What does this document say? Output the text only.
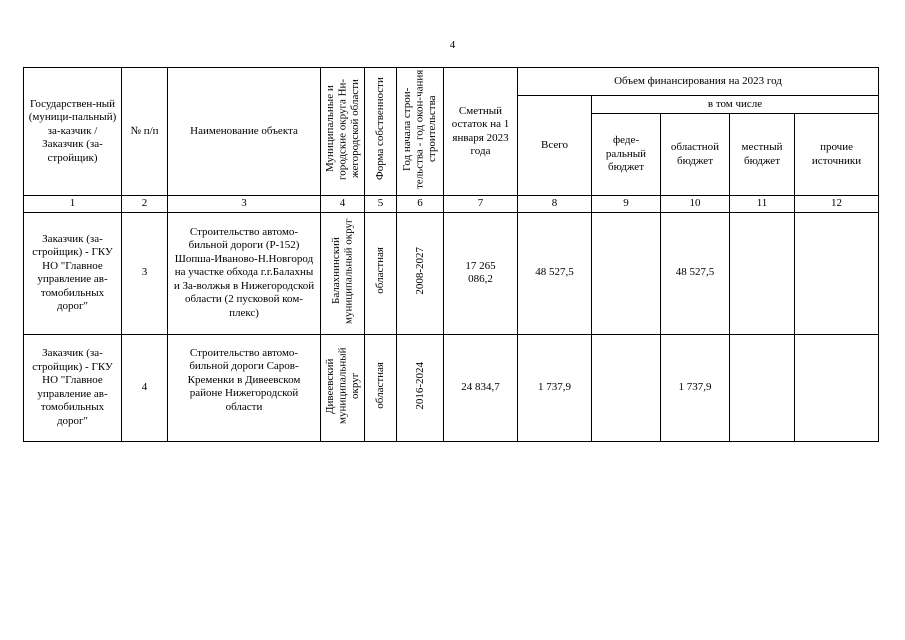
4
Государствен-ный (муници-пальный) за-казчик / Заказчик (за-стройщик)	№ п/п	Наименование объекта	Муниципальные и городские округа Ни-жегородской области	Форма собственности	Год начала строи-тельства - год окон-чания строительства	Сметный остаток на 1 января 2023 года	Объем финансирования на 2023 год				
							Всего	в том числе			
								феде-ральный бюджет	областной бюджет	местный бюджет	прочие источники
1	2	3	4	5	6	7	8	9	10	11	12
Заказчик (за-стройщик) - ГКУ НО "Главное управление ав-томобильных дорог"	3	Строительство автомо-бильной дороги (Р-152) Шопша-Иваново-Н.Новгород на участке обхода г.г.Балахны и За-волжья в Нижегородской области (2 пусковой ком-плекс)	Балахнинский муниципальный округ	областная	2008-2027	17 265 086,2	48 527,5		48 527,5		
Заказчик (за-стройщик) - ГКУ НО "Главное управление ав-томобильных дорог"	4	Строительство автомо-бильной дороги Саров-Кременки в Дивеевском районе Нижегородской области	Дивеевский муниципальный округ	областная	2016-2024	24 834,7	1 737,9		1 737,9		
